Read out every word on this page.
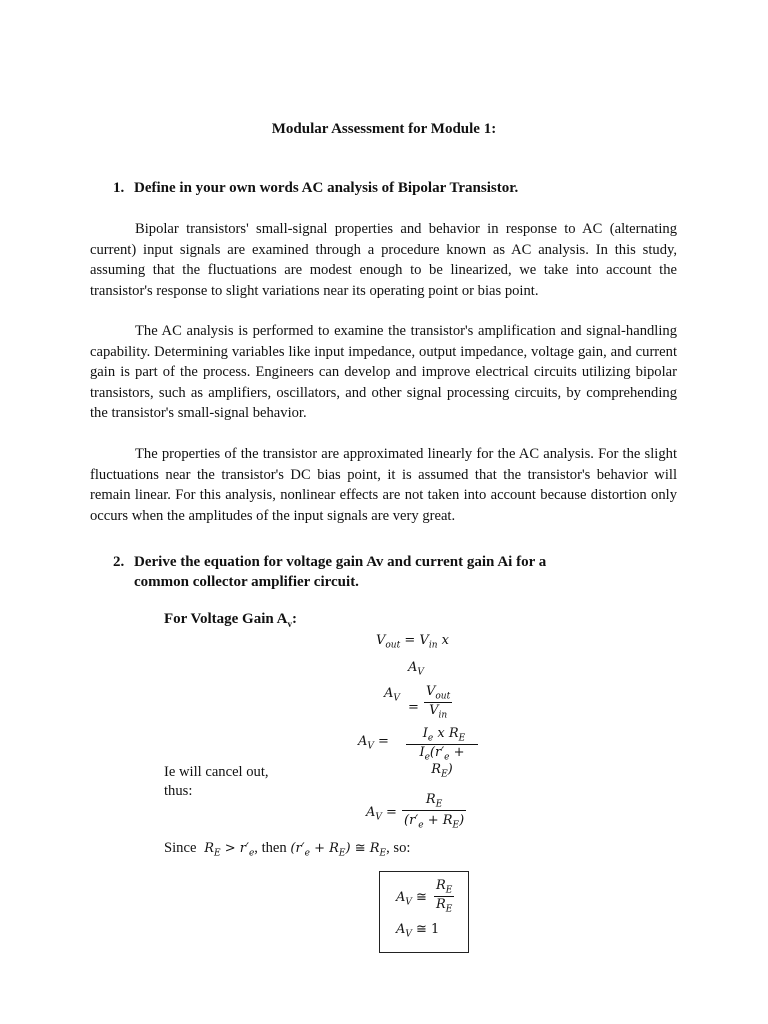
Modular Assessment for Module 1:
1. Define in your own words AC analysis of Bipolar Transistor.

Bipolar transistors' small-signal properties and behavior in response to AC (alternating current) input signals are examined through a procedure known as AC analysis. In this study, assuming that the fluctuations are modest enough to be linearized, we take into account the transistor's response to slight variations near its operating point or bias point.

The AC analysis is performed to examine the transistor's amplification and signal-handling capability. Determining variables like input impedance, output impedance, voltage gain, and current gain is part of the process. Engineers can develop and improve electrical circuits utilizing bipolar transistors, such as amplifiers, oscillators, and other signal processing circuits, by comprehending the transistor's small-signal behavior.

The properties of the transistor are approximated linearly for the AC analysis. For the slight fluctuations near the transistor's DC bias point, it is assumed that the transistor's behavior will remain linear. For this analysis, nonlinear effects are not taken into account because distortion only occurs when the amplitudes of the input signals are very great.

2. Derive the equation for voltage gain Av and current gain Ai for a
common collector amplifier circuit.
For Voltage Gain $A_v$:
$V_{out} = V_{in}$ x
$A_V$
$A_V$
=
$V_{out}$
$V_{in}$
$A_V$ =
$I_e$ x $R_E$
$I_e(r'_e$ +
$R_E$)
Ie will cancel out,
thus:
$A_V = \frac{R_E}{(r'_e + R_E)}$
Since  $R_E > r'_e$, then $(r'_e + R_E)$ ≅ $R_E$, so:
$A_V$ ≅ $\frac{R_E}{R_E}$
$A_V$ ≅ 1
